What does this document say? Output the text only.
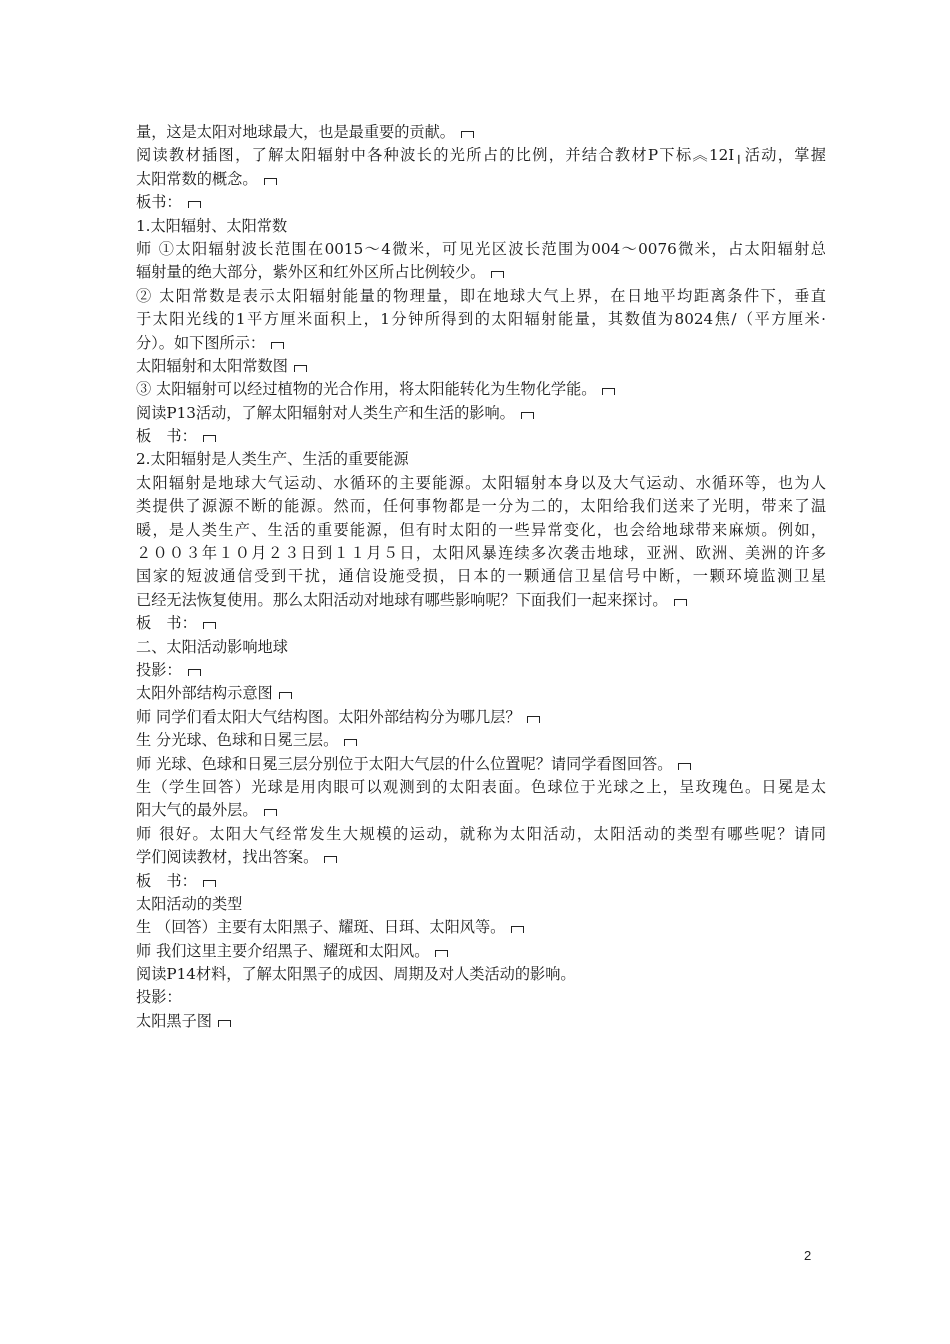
量，这是太阳对地球最大，也是最重要的贡献。
阅读教材插图，了解太阳辐射中各种波长的光所占的比例，并结合教材P下标︽12I╷活动，掌握
太阳常数的概念。
板书：
1.太阳辐射、太阳常数
师 ①太阳辐射波长范围在0015～4微米，可见光区波长范围为004～0076微米，占太阳辐射总
辐射量的绝大部分，紫外区和红外区所占比例较少。
② 太阳常数是表示太阳辐射能量的物理量，即在地球大气上界，在日地平均距离条件下，垂直
于太阳光线的1平方厘米面积上，1分钟所得到的太阳辐射能量，其数值为8024焦/（平方厘米·
分）。如下图所示：
太阳辐射和太阳常数图
③ 太阳辐射可以经过植物的光合作用，将太阳能转化为生物化学能。
阅读P13活动，了解太阳辐射对人类生产和生活的影响。
板　书：
2.太阳辐射是人类生产、生活的重要能源
太阳辐射是地球大气运动、水循环的主要能源。太阳辐射本身以及大气运动、水循环等，也为人
类提供了源源不断的能源。然而，任何事物都是一分为二的，太阳给我们送来了光明，带来了温
暖，是人类生产、生活的重要能源，但有时太阳的一些异常变化，也会给地球带来麻烦。例如，
２００３年１０月２３日到１１月５日，太阳风暴连续多次袭击地球，亚洲、欧洲、美洲的许多
国家的短波通信受到干扰，通信设施受损，日本的一颗通信卫星信号中断，一颗环境监测卫星
已经无法恢复使用。那么太阳活动对地球有哪些影响呢？下面我们一起来探讨。
板　书：
二、太阳活动影响地球
投影：
太阳外部结构示意图
师 同学们看太阳大气结构图。太阳外部结构分为哪几层？
生 分光球、色球和日冕三层。
师 光球、色球和日冕三层分别位于太阳大气层的什么位置呢？请同学看图回答。
生（学生回答）光球是用肉眼可以观测到的太阳表面。色球位于光球之上，呈玫瑰色。日冕是太
阳大气的最外层。
师 很好。太阳大气经常发生大规模的运动，就称为太阳活动，太阳活动的类型有哪些呢？请同
学们阅读教材，找出答案。
板　书：
太阳活动的类型
生 （回答）主要有太阳黑子、耀斑、日珥、太阳风等。
师 我们这里主要介绍黑子、耀斑和太阳风。
阅读P14材料，了解太阳黑子的成因、周期及对人类活动的影响。
投影：
太阳黑子图
2
